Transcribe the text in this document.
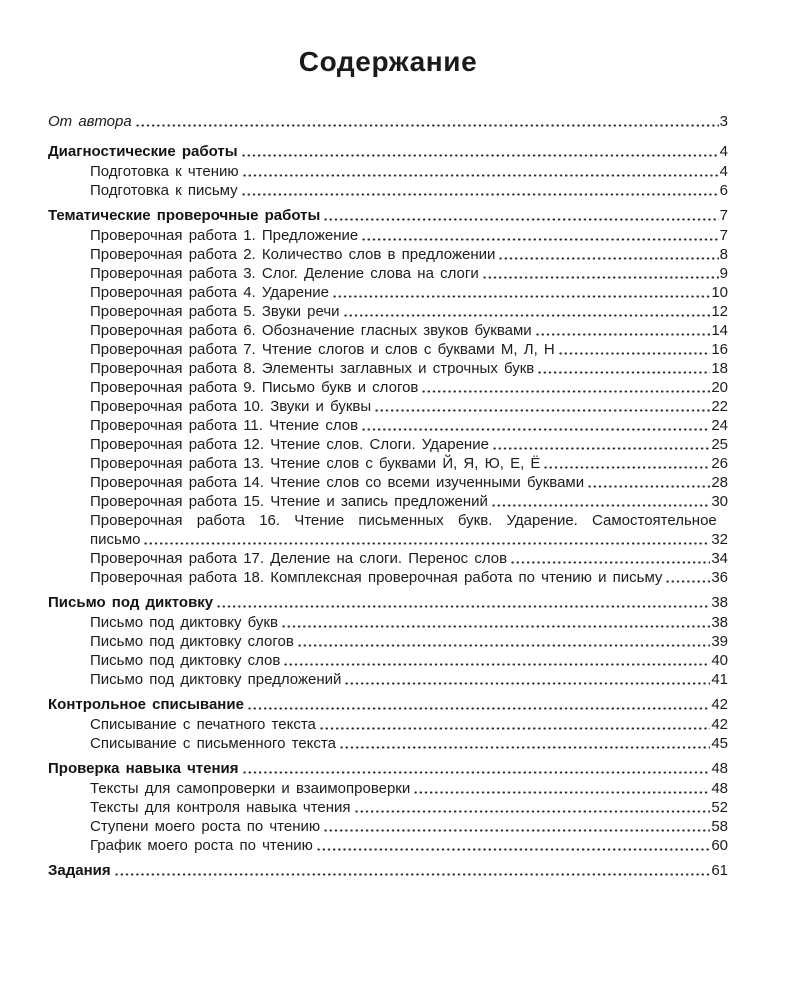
Содержание
От автора	3
Диагностические работы	4
Подготовка к чтению	4
Подготовка к письму	6
Тематические проверочные работы	7
Проверочная работа 1. Предложение	7
Проверочная работа 2. Количество слов в предложении	8
Проверочная работа 3. Слог. Деление слова на слоги	9
Проверочная работа 4. Ударение	10
Проверочная работа 5. Звуки речи	12
Проверочная работа 6. Обозначение гласных звуков буквами	14
Проверочная работа 7. Чтение слогов и слов с буквами М, Л, Н	16
Проверочная работа 8. Элементы заглавных и строчных букв	18
Проверочная работа 9. Письмо букв и слогов	20
Проверочная работа 10. Звуки и буквы	22
Проверочная работа 11. Чтение слов	24
Проверочная работа 12. Чтение слов. Слоги. Ударение	25
Проверочная работа 13. Чтение слов с буквами Й, Я, Ю, Е, Ё	26
Проверочная работа 14. Чтение слов со всеми изученными буквами	28
Проверочная работа 15. Чтение и запись предложений	30
Проверочная работа 16. Чтение письменных букв. Ударение. Самостоятельное
письмо	32
Проверочная работа 17. Деление на слоги. Перенос слов	34
Проверочная работа 18. Комплексная проверочная работа по чтению и письму	36
Письмо под диктовку	38
Письмо под диктовку букв	38
Письмо под диктовку слогов	39
Письмо под диктовку слов	40
Письмо под диктовку предложений	41
Контрольное списывание	42
Списывание с печатного текста	42
Списывание с письменного текста	45
Проверка навыка чтения	48
Тексты для самопроверки и взаимопроверки	48
Тексты для контроля навыка чтения	52
Ступени моего роста по чтению	58
График моего роста по чтению	60
Задания	61
